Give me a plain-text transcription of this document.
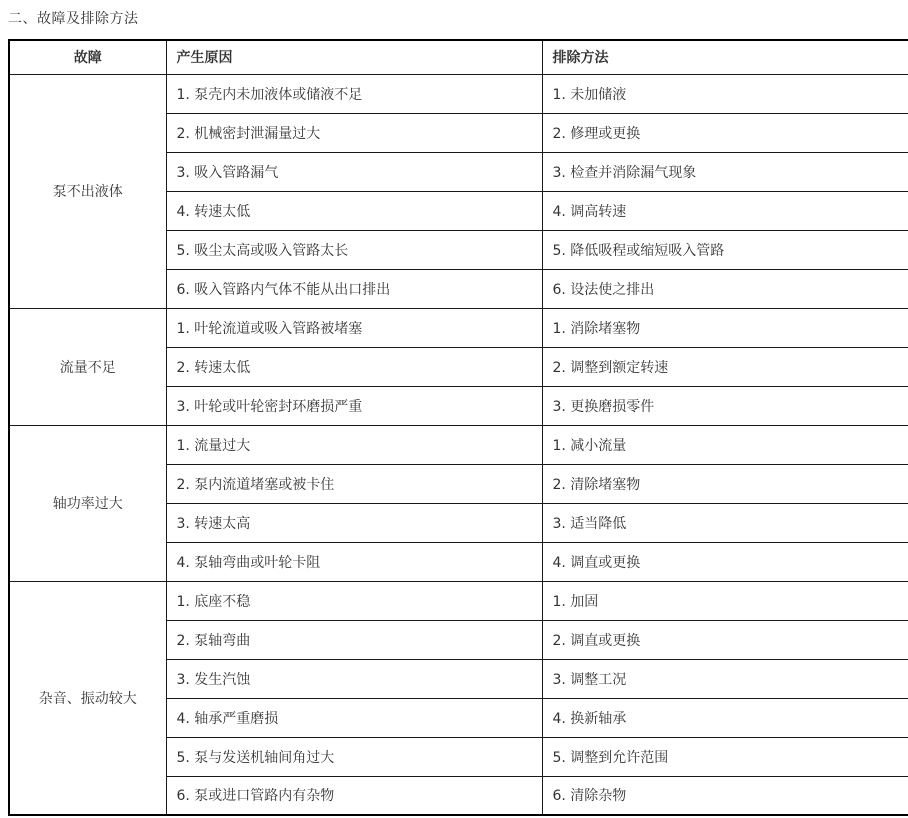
二、故障及排除方法
故障	产生原因	排除方法
泵不出液体	1. 泵壳内未加液体或储液不足	1. 未加储液
	2. 机械密封泄漏量过大	2. 修理或更换
	3. 吸入管路漏气	3. 检查并消除漏气现象
	4. 转速太低	4. 调高转速
	5. 吸尘太高或吸入管路太长	5. 降低吸程或缩短吸入管路
	6. 吸入管路内气体不能从出口排出	6. 设法使之排出
流量不足	1. 叶轮流道或吸入管路被堵塞	1. 消除堵塞物
	2. 转速太低	2. 调整到额定转速
	3. 叶轮或叶轮密封环磨损严重	3. 更换磨损零件
轴功率过大	1. 流量过大	1. 减小流量
	2. 泵内流道堵塞或被卡住	2. 清除堵塞物
	3. 转速太高	3. 适当降低
	4. 泵轴弯曲或叶轮卡阻	4. 调直或更换
杂音、振动较大	1. 底座不稳	1. 加固
	2. 泵轴弯曲	2. 调直或更换
	3. 发生汽蚀	3. 调整工况
	4. 轴承严重磨损	4. 换新轴承
	5. 泵与发送机轴间角过大	5. 调整到允许范围
	6. 泵或进口管路内有杂物	6. 清除杂物
